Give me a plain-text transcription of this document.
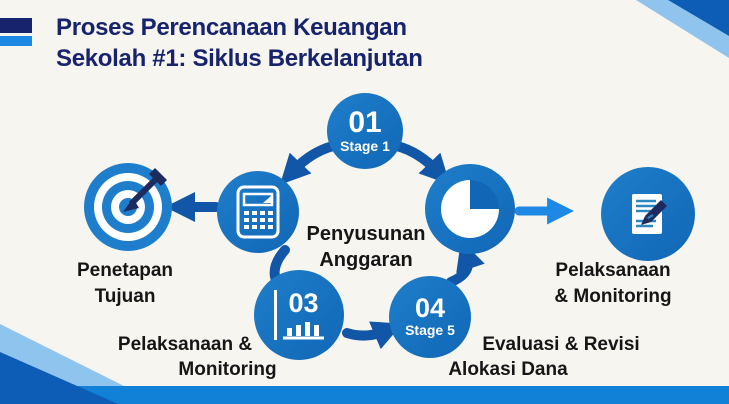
Proses Perencanaan Keuangan
Sekolah #1: Siklus Berkelanjutan
01
Stage 1
03	04
Stage 5
Penetapan
Tujuan
Penyusunan
Anggaran	Pelaksanaan
& Monitoring
Pelaksanaan &
Monitoring
Evaluasi & Revisi
Alokasi Dana
